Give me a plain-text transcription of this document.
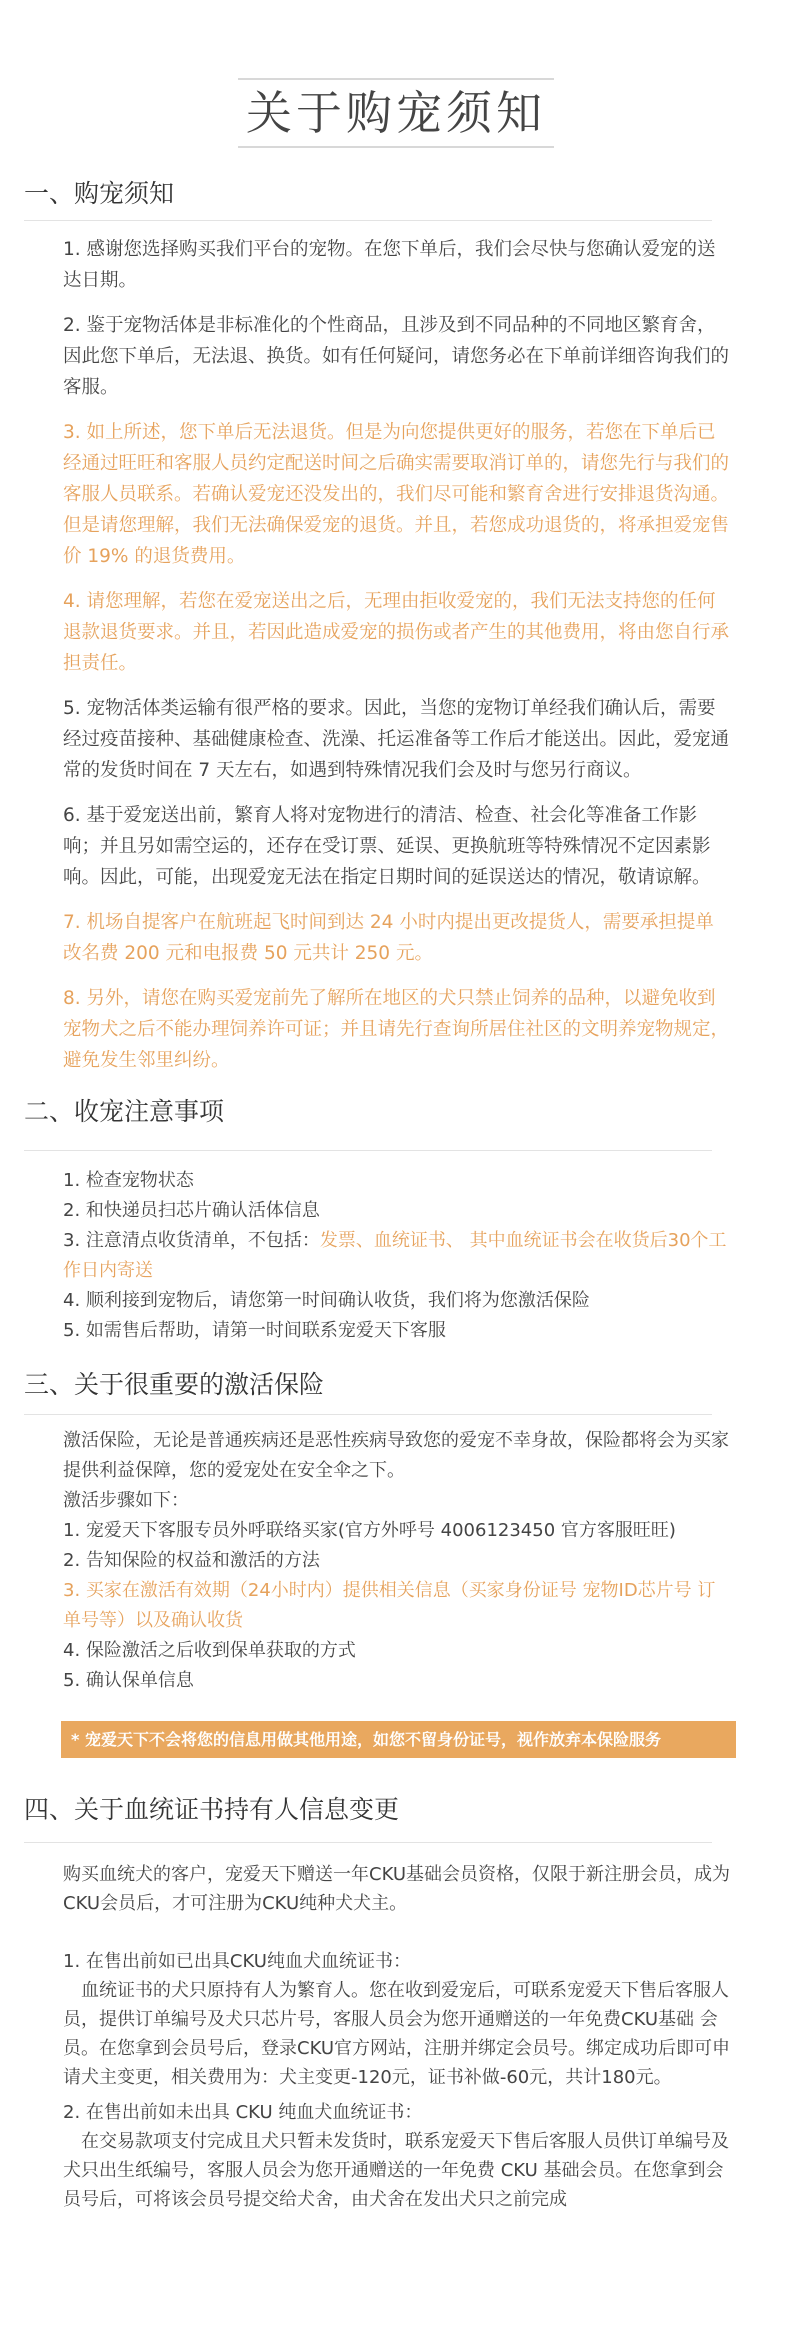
关于购宠须知
一、购宠须知

1. 感谢您选择购买我们平台的宠物。在您下单后，我们会尽快与您确认爱宠的送达日期。

2. 鉴于宠物活体是非标准化的个性商品，且涉及到不同品种的不同地区繁育舍，因此您下单后，无法退、换货。如有任何疑问，请您务必在下单前详细咨询我们的客服。

3. 如上所述，您下单后无法退货。但是为向您提供更好的服务，若您在下单后已经通过旺旺和客服人员约定配送时间之后确实需要取消订单的，请您先行与我们的客服人员联系。若确认爱宠还没发出的，我们尽可能和繁育舍进行安排退货沟通。但是请您理解，我们无法确保爱宠的退货。并且，若您成功退货的，将承担爱宠售价 19% 的退货费用。

4. 请您理解，若您在爱宠送出之后，无理由拒收爱宠的，我们无法支持您的任何退款退货要求。并且，若因此造成爱宠的损伤或者产生的其他费用，将由您自行承担责任。

5. 宠物活体类运输有很严格的要求。因此，当您的宠物订单经我们确认后，需要经过疫苗接种、基础健康检查、洗澡、托运准备等工作后才能送出。因此，爱宠通常的发货时间在 7 天左右，如遇到特殊情况我们会及时与您另行商议。

6. 基于爱宠送出前，繁育人将对宠物进行的清洁、检查、社会化等准备工作影响；并且另如需空运的，还存在受订票、延误、更换航班等特殊情况不定因素影响。因此，可能，出现爱宠无法在指定日期时间的延误送达的情况，敬请谅解。

7. 机场自提客户在航班起飞时间到达 24 小时内提出更改提货人，需要承担提单改名费 200 元和电报费 50 元共计 250 元。

8. 另外，请您在购买爱宠前先了解所在地区的犬只禁止饲养的品种，以避免收到宠物犬之后不能办理饲养许可证；并且请先行查询所居住社区的文明养宠物规定，避免发生邻里纠纷。

二、收宠注意事项

1. 检查宠物状态

2. 和快递员扫芯片确认活体信息

3. 注意清点收货清单，不包括：发票、血统证书、 其中血统证书会在收货后30个工作日内寄送

4. 顺利接到宠物后，请您第一时间确认收货，我们将为您激活保险

5. 如需售后帮助，请第一时间联系宠爱天下客服

三、关于很重要的激活保险

激活保险，无论是普通疾病还是恶性疾病导致您的爱宠不幸身故，保险都将会为买家提供利益保障，您的爱宠处在安全伞之下。

激活步骤如下：

1. 宠爱天下客服专员外呼联络买家(官方外呼号 4006123450 官方客服旺旺)

2. 告知保险的权益和激活的方法

3. 买家在激活有效期（24小时内）提供相关信息（买家身份证号 宠物ID芯片号 订单号等）以及确认收货

4. 保险激活之后收到保单获取的方式

5. 确认保单信息

* 宠爱天下不会将您的信息用做其他用途，如您不留身份证号，视作放弃本保险服务
四、关于血统证书持有人信息变更

购买血统犬的客户，宠爱天下赠送一年CKU基础会员资格，仅限于新注册会员，成为CKU会员后，才可注册为CKU纯种犬犬主。

1. 在售出前如已出具CKU纯血犬血统证书：

血统证书的犬只原持有人为繁育人。您在收到爱宠后，可联系宠爱天下售后客服人员，提供订单编号及犬只芯片号，客服人员会为您开通赠送的一年免费CKU基础 会员。在您拿到会员号后，登录CKU官方网站，注册并绑定会员号。绑定成功后即可申请犬主变更，相关费用为：犬主变更-120元，证书补做-60元，共计180元。

2. 在售出前如未出具 CKU 纯血犬血统证书：

在交易款项支付完成且犬只暂未发货时，联系宠爱天下售后客服人员供订单编号及犬只出生纸编号，客服人员会为您开通赠送的一年免费 CKU 基础会员。在您拿到会员号后，可将该会员号提交给犬舍，由犬舍在发出犬只之前完成
